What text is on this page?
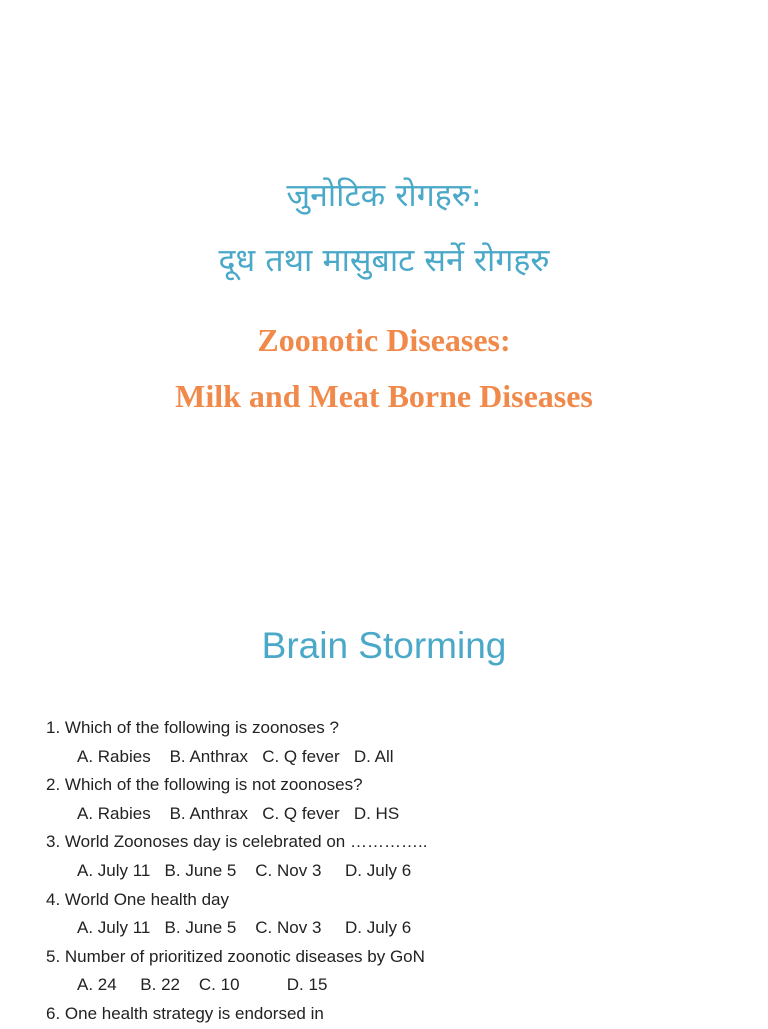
जुनोटिक रोगहरु:
दूध तथा मासुबाट सर्ने रोगहरु
Zoonotic Diseases:
Milk and Meat Borne Diseases
Brain Storming
1. Which of the following is zoonoses ?
A. Rabies    B. Anthrax   C. Q fever   D. All
2. Which of the following is not zoonoses?
A. Rabies    B. Anthrax   C. Q fever   D. HS
3. World Zoonoses day is celebrated on …………..
A. July 11   B. June 5    C. Nov 3     D. July 6
4. World One health day
A. July 11   B. June 5    C. Nov 3     D. July 6
5. Number of prioritized zoonotic diseases by GoN
A. 24     B. 22    C. 10          D. 15
6. One health strategy is endorsed in
